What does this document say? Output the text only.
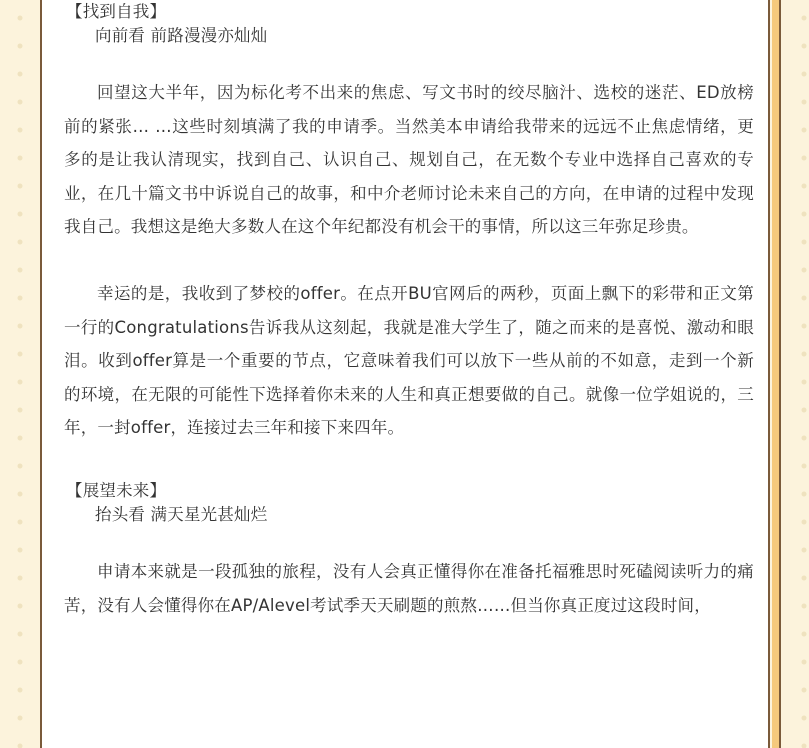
【找到自我】
向前看 前路漫漫亦灿灿

回望这大半年，因为标化考不出来的焦虑、写文书时的绞尽脑汁、选校的迷茫、ED放榜前的紧张… …这些时刻填满了我的申请季。当然美本申请给我带来的远远不止焦虑情绪，更多的是让我认清现实，找到自己、认识自己、规划自己，在无数个专业中选择自己喜欢的专业，在几十篇文书中诉说自己的故事，和中介老师讨论未来自己的方向，在申请的过程中发现我自己。我想这是绝大多数人在这个年纪都没有机会干的事情，所以这三年弥足珍贵。

幸运的是，我收到了梦校的offer。在点开BU官网后的两秒，页面上飘下的彩带和正文第一行的Congratulations告诉我从这刻起，我就是准大学生了，随之而来的是喜悦、激动和眼泪。收到offer算是一个重要的节点，它意味着我们可以放下一些从前的不如意，走到一个新的环境，在无限的可能性下选择着你未来的人生和真正想要做的自己。就像一位学姐说的，三年，一封offer，连接过去三年和接下来四年。

【展望未来】
抬头看 满天星光甚灿烂

申请本来就是一段孤独的旅程，没有人会真正懂得你在准备托福雅思时死磕阅读听力的痛苦，没有人会懂得你在AP/Alevel考试季天天刷题的煎熬……但当你真正度过这段时间，
